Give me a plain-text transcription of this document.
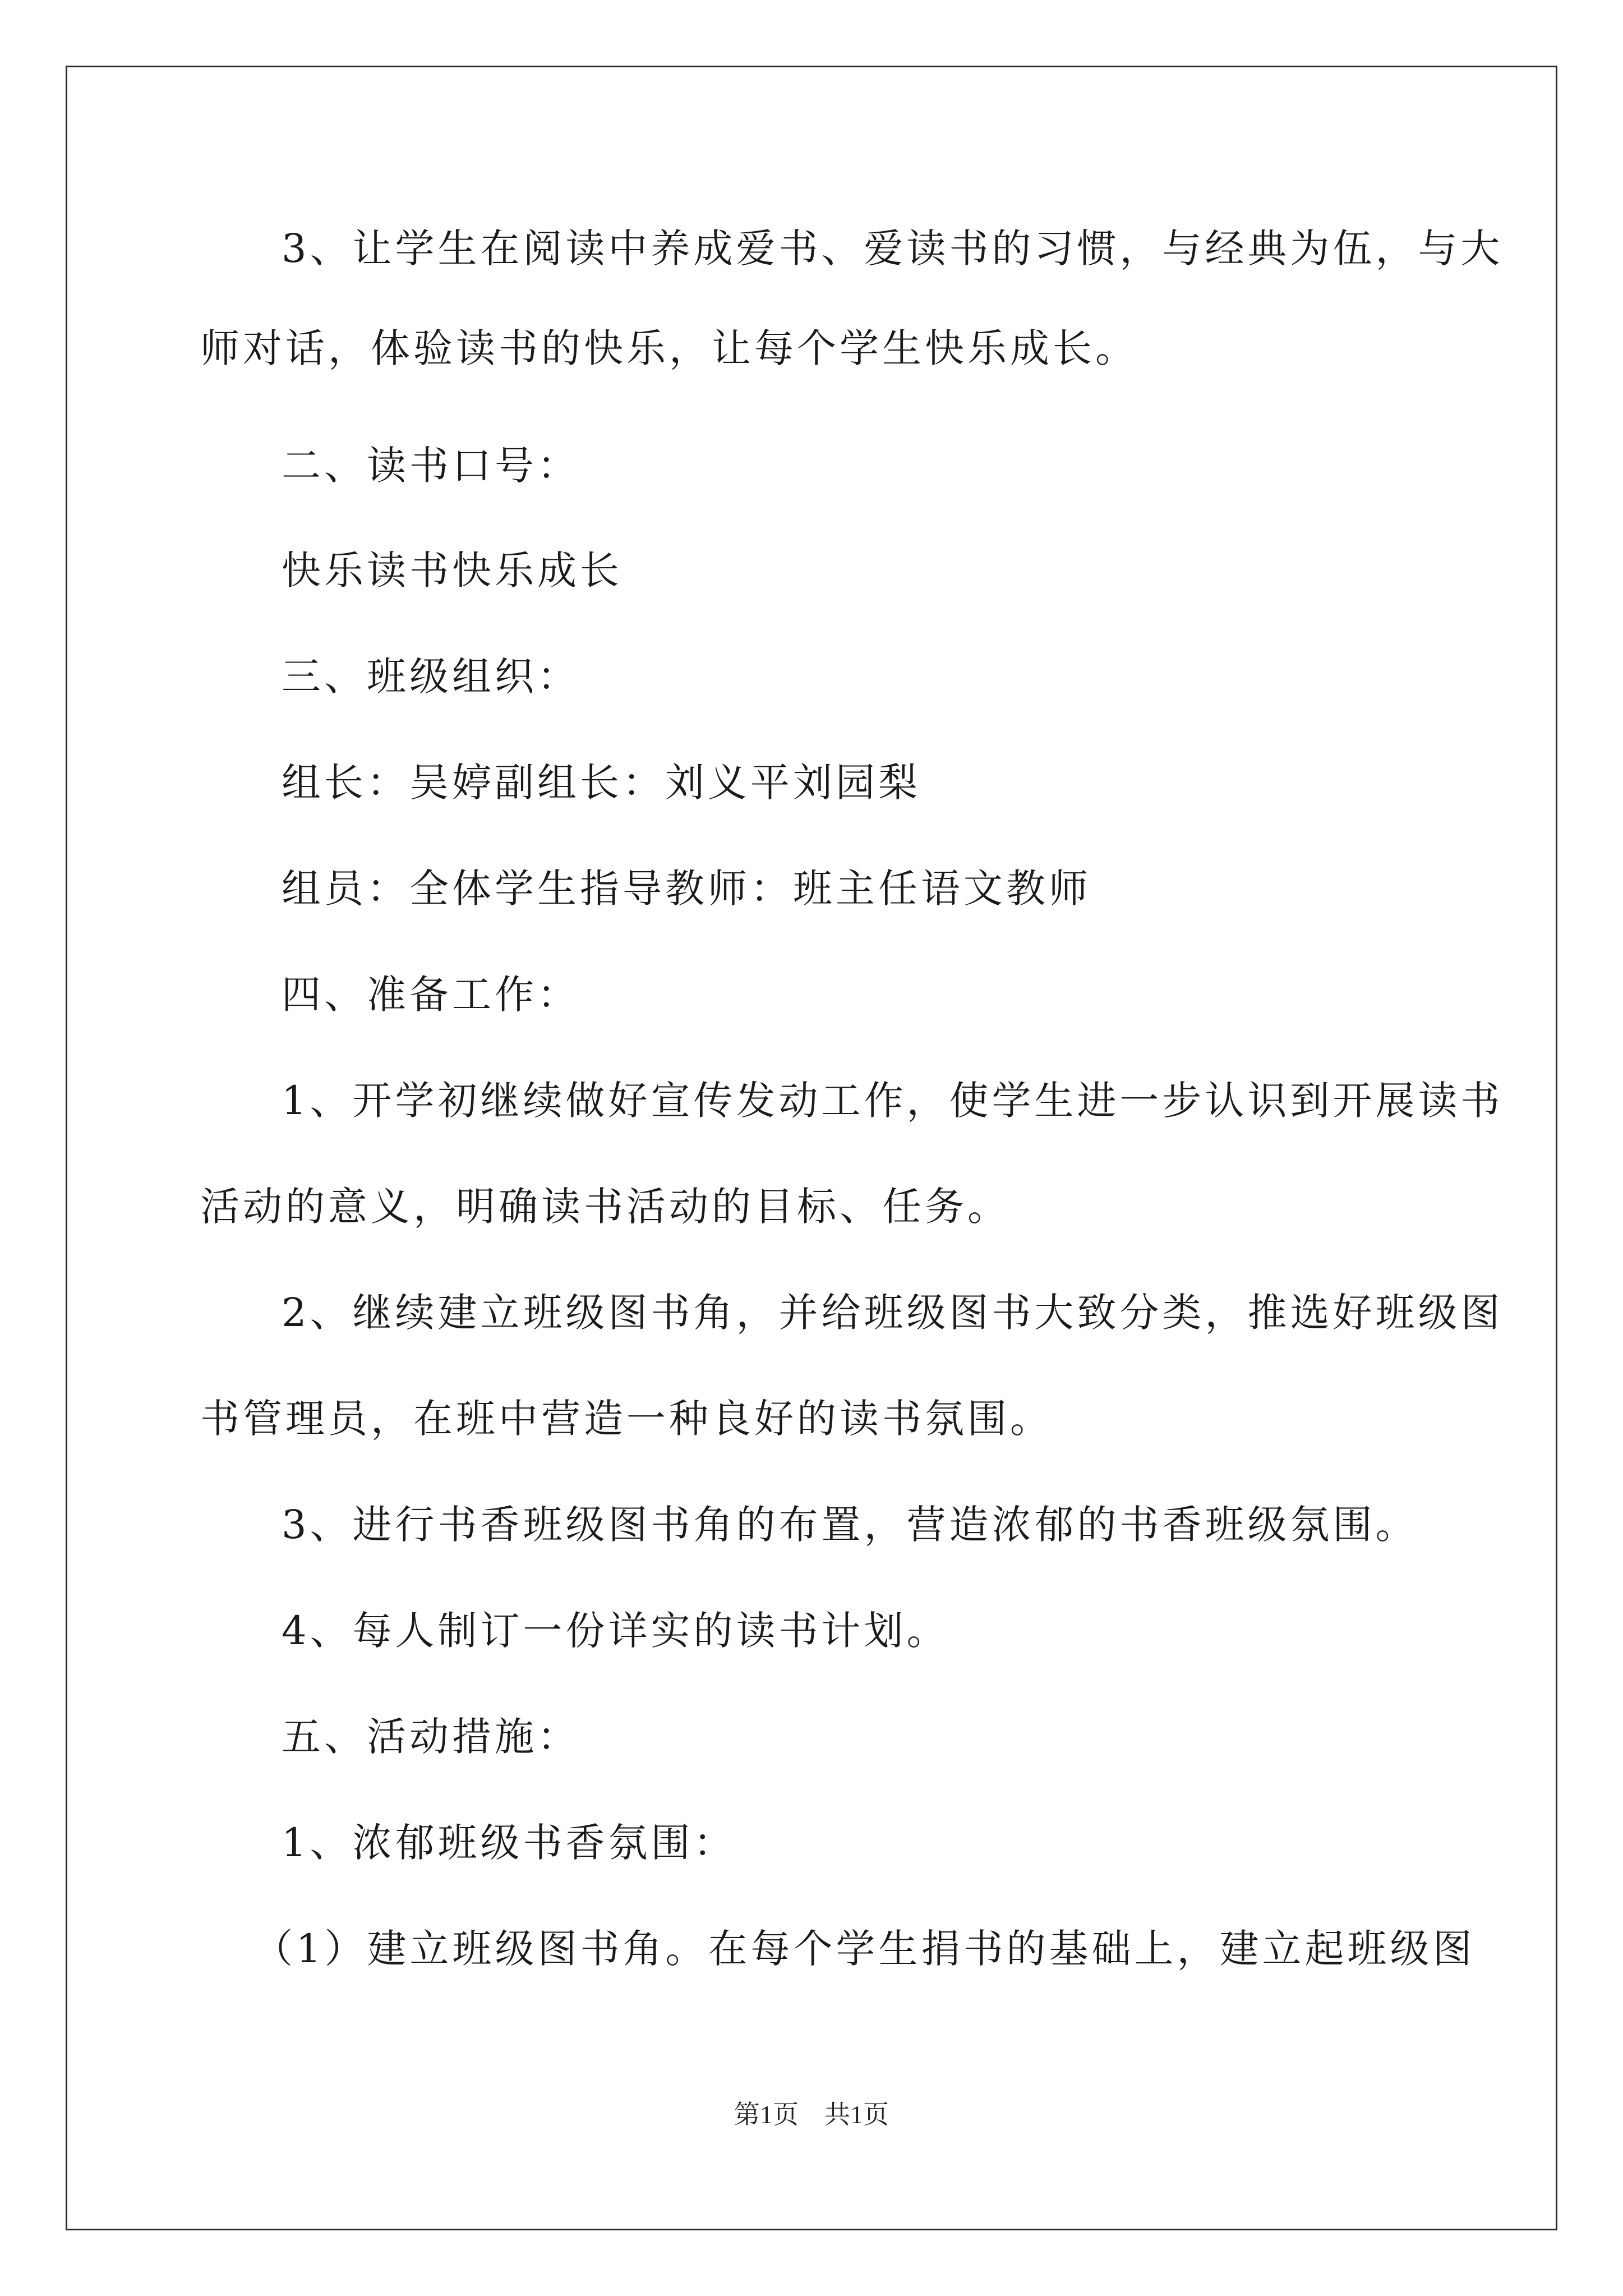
3、让学生在阅读中养成爱书、爱读书的习惯，与经典为伍，与大
师对话，体验读书的快乐，让每个学生快乐成长。
二、读书口号：
快乐读书快乐成长
三、班级组织：
组长：吴婷副组长：刘义平刘园梨
组员：全体学生指导教师：班主任语文教师
四、准备工作：
1、开学初继续做好宣传发动工作，使学生进一步认识到开展读书
活动的意义，明确读书活动的目标、任务。
2、继续建立班级图书角，并给班级图书大致分类，推选好班级图
书管理员，在班中营造一种良好的读书氛围。
3、进行书香班级图书角的布置，营造浓郁的书香班级氛围。
4、每人制订一份详实的读书计划。
五、活动措施：
1、浓郁班级书香氛围：
（1）建立班级图书角。在每个学生捐书的基础上，建立起班级图
第1页　共1页
